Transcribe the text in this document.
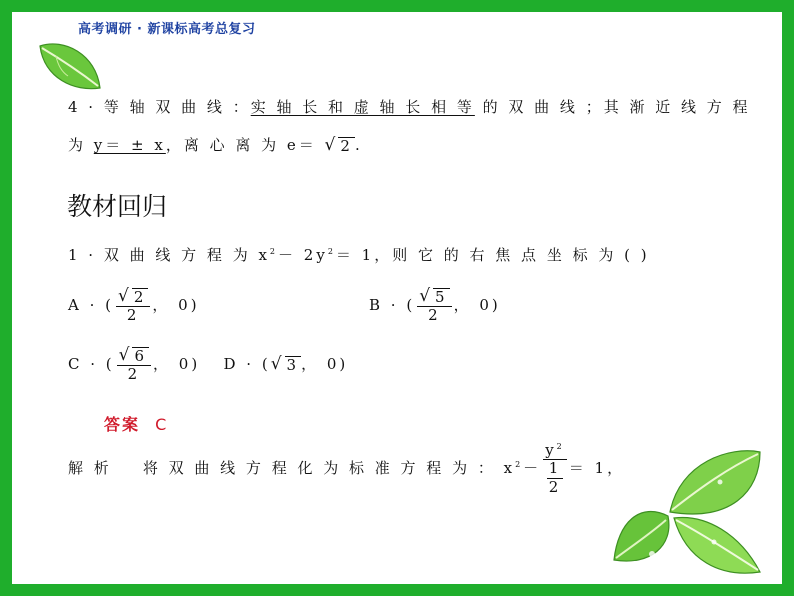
高考调研 · 新课标高考总复习
4 · 等 轴 双 曲 线 ：实 轴 长 和 虚 轴 长 相 等 的 双 曲 线 ；其 渐 近 线 方 程
为 y＝ ± x，离 心 离 为 e＝ √ 2 .
教材回归
1 · 双 曲 线 方 程 为 $x^2- 2y^2= 1$，则 它 的 右 焦 点 坐 标 为 ( )
A · ( $\frac{√ 2}{2}$ ， 0)	B · ( $\frac{√ 5}{2}$ ， 0)
C · ( $\frac{√ 6}{2}$ ， 0) D · ( √ 3 ， 0)
答案 C
解 析 将 双 曲 线 方 程 化 为 标 准 方 程 为 ： $x^2- \frac{y^2}{\frac{1}{2}} = 1$，
